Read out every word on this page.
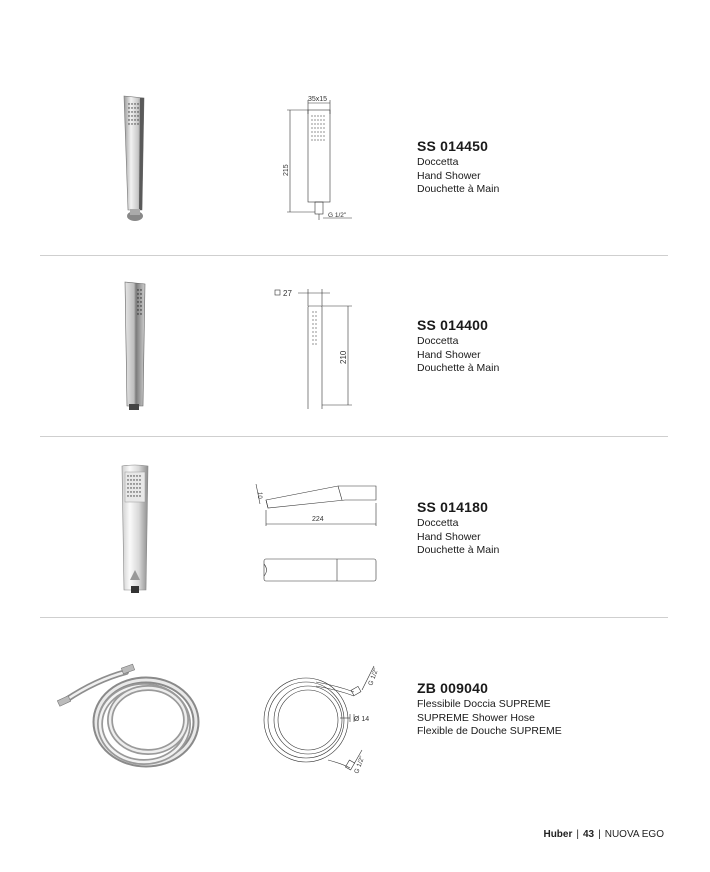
35x15
215
G 1/2"
SS 014450
Doccetta
Hand Shower
Douchette à Main
27
210
SS 014400
Doccetta
Hand Shower
Douchette à Main
10
224
SS 014180
Doccetta
Hand Shower
Douchette à Main
Ø 14
G 1/2"
G 1/2"
ZB 009040
Flessibile Doccia SUPREME
SUPREME Shower Hose
Flexible de Douche SUPREME
Huber | 43 | NUOVA EGO
